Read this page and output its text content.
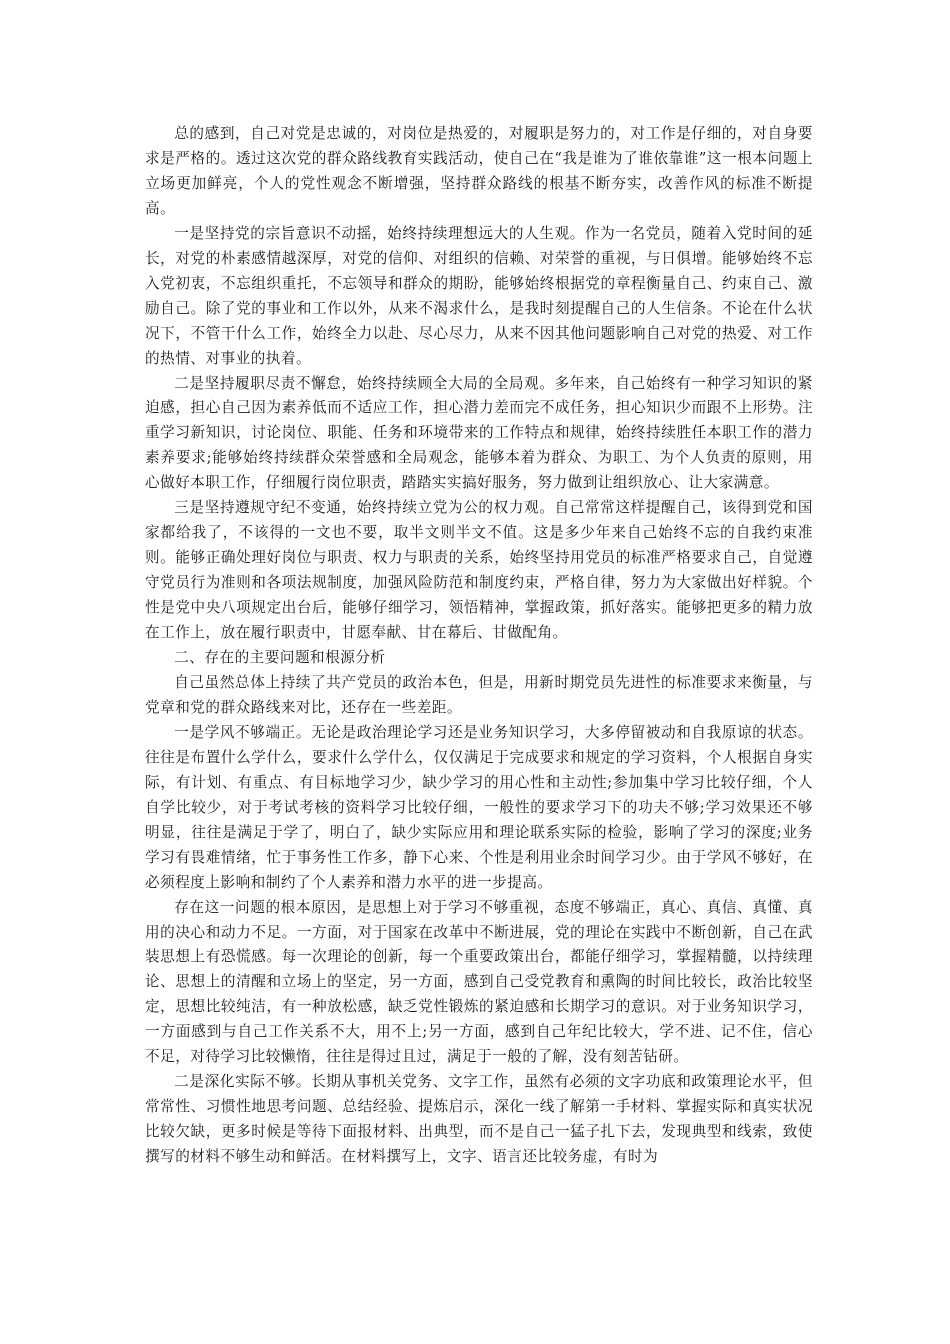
总的感到，自己对党是忠诚的，对岗位是热爱的，对履职是努力的，对工作是仔细的，对自身要求是严格的。透过这次党的群众路线教育实践活动，使自己在“我是谁为了谁依靠谁”这一根本问题上立场更加鲜亮，个人的党性观念不断增强，坚持群众路线的根基不断夯实，改善作风的标准不断提高。

一是坚持党的宗旨意识不动摇，始终持续理想远大的人生观。作为一名党员，随着入党时间的延长，对党的朴素感情越深厚，对党的信仰、对组织的信赖、对荣誉的重视，与日俱增。能够始终不忘入党初衷，不忘组织重托，不忘领导和群众的期盼，能够始终根据党的章程衡量自己、约束自己、激励自己。除了党的事业和工作以外，从来不渴求什么，是我时刻提醒自己的人生信条。不论在什么状况下，不管干什么工作，始终全力以赴、尽心尽力，从来不因其他问题影响自己对党的热爱、对工作的热情、对事业的执着。

二是坚持履职尽责不懈怠，始终持续顾全大局的全局观。多年来，自己始终有一种学习知识的紧迫感，担心自己因为素养低而不适应工作，担心潜力差而完不成任务，担心知识少而跟不上形势。注重学习新知识，讨论岗位、职能、任务和环境带来的工作特点和规律，始终持续胜任本职工作的潜力素养要求;能够始终持续群众荣誉感和全局观念，能够本着为群众、为职工、为个人负责的原则，用心做好本职工作，仔细履行岗位职责，踏踏实实搞好服务，努力做到让组织放心、让大家满意。

三是坚持遵规守纪不变通，始终持续立党为公的权力观。自己常常这样提醒自己，该得到党和国家都给我了，不该得的一文也不要，取半文则半文不值。这是多少年来自己始终不忘的自我约束准则。能够正确处理好岗位与职责、权力与职责的关系，始终坚持用党员的标准严格要求自己，自觉遵守党员行为准则和各项法规制度，加强风险防范和制度约束，严格自律，努力为大家做出好样貌。个性是党中央八项规定出台后，能够仔细学习，领悟精神，掌握政策，抓好落实。能够把更多的精力放在工作上，放在履行职责中，甘愿奉献、甘在幕后、甘做配角。

二、存在的主要问题和根源分析

自己虽然总体上持续了共产党员的政治本色，但是，用新时期党员先进性的标准要求来衡量，与党章和党的群众路线来对比，还存在一些差距。

一是学风不够端正。无论是政治理论学习还是业务知识学习，大多停留被动和自我原谅的状态。往往是布置什么学什么，要求什么学什么，仅仅满足于完成要求和规定的学习资料，个人根据自身实际，有计划、有重点、有目标地学习少，缺少学习的用心性和主动性;参加集中学习比较仔细，个人自学比较少，对于考试考核的资料学习比较仔细，一般性的要求学习下的功夫不够;学习效果还不够明显，往往是满足于学了，明白了，缺少实际应用和理论联系实际的检验，影响了学习的深度;业务学习有畏难情绪，忙于事务性工作多，静下心来、个性是利用业余时间学习少。由于学风不够好，在必须程度上影响和制约了个人素养和潜力水平的进一步提高。

存在这一问题的根本原因，是思想上对于学习不够重视，态度不够端正，真心、真信、真懂、真用的决心和动力不足。一方面，对于国家在改革中不断进展，党的理论在实践中不断创新，自己在武装思想上有恐慌感。每一次理论的创新，每一个重要政策出台，都能仔细学习，掌握精髓，以持续理论、思想上的清醒和立场上的坚定，另一方面，感到自己受党教育和熏陶的时间比较长，政治比较坚定，思想比较纯洁，有一种放松感，缺乏党性锻炼的紧迫感和长期学习的意识。对于业务知识学习，一方面感到与自己工作关系不大，用不上;另一方面，感到自己年纪比较大，学不进、记不住，信心不足，对待学习比较懒惰，往往是得过且过，满足于一般的了解，没有刻苦钻研。

二是深化实际不够。长期从事机关党务、文字工作，虽然有必须的文字功底和政策理论水平，但常常性、习惯性地思考问题、总结经验、提炼启示，深化一线了解第一手材料、掌握实际和真实状况比较欠缺，更多时候是等待下面报材料、出典型，而不是自己一猛子扎下去，发现典型和线索，致使撰写的材料不够生动和鲜活。在材料撰写上，文字、语言还比较务虚，有时为
